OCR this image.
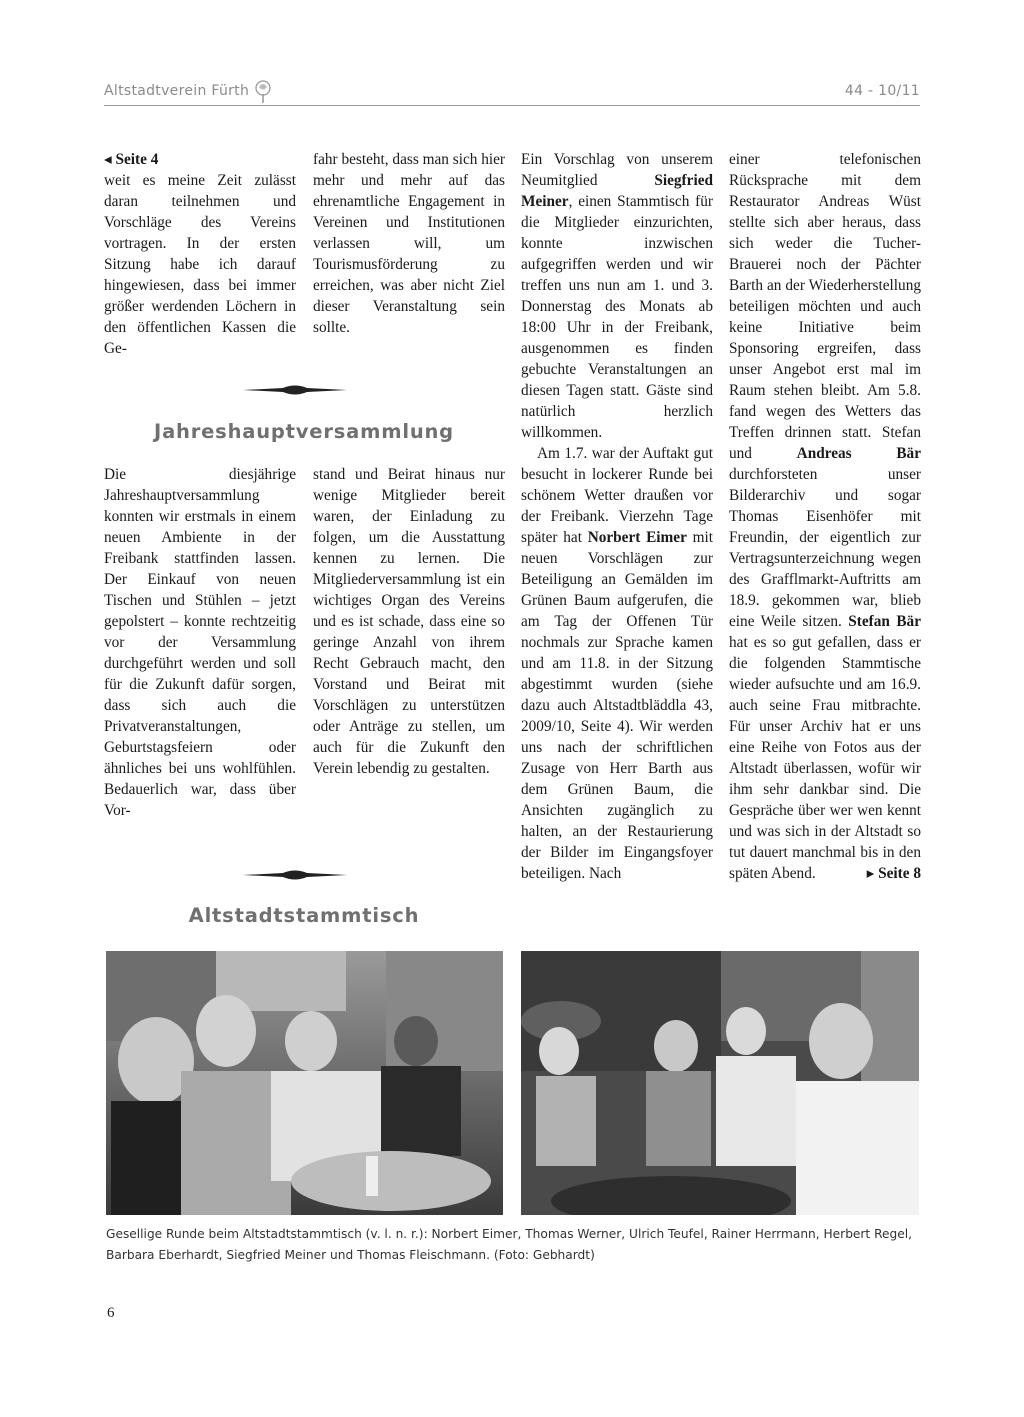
Altstadtverein Fürth	44 - 10/11

◂ Seite 4

weit es meine Zeit zulässt daran teilnehmen und Vorschläge des Vereins vortragen. In der ersten Sitzung habe ich darauf hingewiesen, dass bei immer größer werdenden Löchern in den öffentlichen Kassen die Ge-

fahr besteht, dass man sich hier mehr und mehr auf das ehrenamtliche Engagement in Vereinen und Institutionen verlassen will, um Tourismusförderung zu erreichen, was aber nicht Ziel dieser Veranstaltung sein sollte.

Jahreshauptversammlung

Die diesjährige Jahreshauptversammlung konnten wir erstmals in einem neuen Ambiente in der Freibank stattfinden lassen. Der Einkauf von neuen Tischen und Stühlen – jetzt gepolstert – konnte rechtzeitig vor der Versammlung durchgeführt werden und soll für die Zukunft dafür sorgen, dass sich auch die Privatveranstaltungen, Geburtstagsfeiern oder ähnliches bei uns wohlfühlen. Bedauerlich war, dass über Vor-

stand und Beirat hinaus nur wenige Mitglieder bereit waren, der Einladung zu folgen, um die Ausstattung kennen zu lernen. Die Mitgliederversammlung ist ein wichtiges Organ des Vereins und es ist schade, dass eine so geringe Anzahl von ihrem Recht Gebrauch macht, den Vorstand und Beirat mit Vorschlägen zu unterstützen oder Anträge zu stellen, um auch für die Zukunft den Verein lebendig zu gestalten.

Altstadtstammtisch

Ein Vorschlag von unserem Neumitglied Siegfried Meiner, einen Stammtisch für die Mitglieder einzurichten, konnte inzwischen aufgegriffen werden und wir treffen uns nun am 1. und 3. Donnerstag des Monats ab 18:00 Uhr in der Freibank, ausgenommen es finden gebuchte Veranstaltungen an diesen Tagen statt. Gäste sind natürlich herzlich willkommen.

Am 1.7. war der Auftakt gut besucht in lockerer Runde bei schönem Wetter draußen vor der Freibank. Vierzehn Tage später hat Norbert Eimer mit neuen Vorschlägen zur Beteiligung an Gemälden im Grünen Baum aufgerufen, die am Tag der Offenen Tür nochmals zur Sprache kamen und am 11.8. in der Sitzung abgestimmt wurden (siehe dazu auch Altstadtbläddla 43, 2009/10, Seite 4). Wir werden uns nach der schriftlichen Zusage von Herr Barth aus dem Grünen Baum, die Ansichten zugänglich zu halten, an der Restaurierung der Bilder im Eingangsfoyer beteiligen. Nach

einer telefonischen Rücksprache mit dem Restaurator Andreas Wüst stellte sich aber heraus, dass sich weder die Tucher-Brauerei noch der Pächter Barth an der Wiederherstellung beteiligen möchten und auch keine Initiative beim Sponsoring ergreifen, dass unser Angebot erst mal im Raum stehen bleibt. Am 5.8. fand wegen des Wetters das Treffen drinnen statt. Stefan und Andreas Bär durchforsteten unser Bilderarchiv und sogar Thomas Eisenhöfer mit Freundin, der eigentlich zur Vertragsunterzeichnung wegen des Grafflmarkt-Auftritts am 18.9. gekommen war, blieb eine Weile sitzen. Stefan Bär hat es so gut gefallen, dass er die folgenden Stammtische wieder aufsuchte und am 16.9. auch seine Frau mitbrachte. Für unser Archiv hat er uns eine Reihe von Fotos aus der Altstadt überlassen, wofür wir ihm sehr dankbar sind. Die Gespräche über wer wen kennt und was sich in der Altstadt so tut dauert manchmal bis in den späten Abend.	▸ Seite 8

Gesellige Runde beim Altstadtstammtisch (v. l. n. r.): Norbert Eimer, Thomas Werner, Ulrich Teufel, Rainer Herrmann, Herbert Regel, Barbara Eberhardt, Siegfried Meiner und Thomas Fleischmann. (Foto: Gebhardt)
6
